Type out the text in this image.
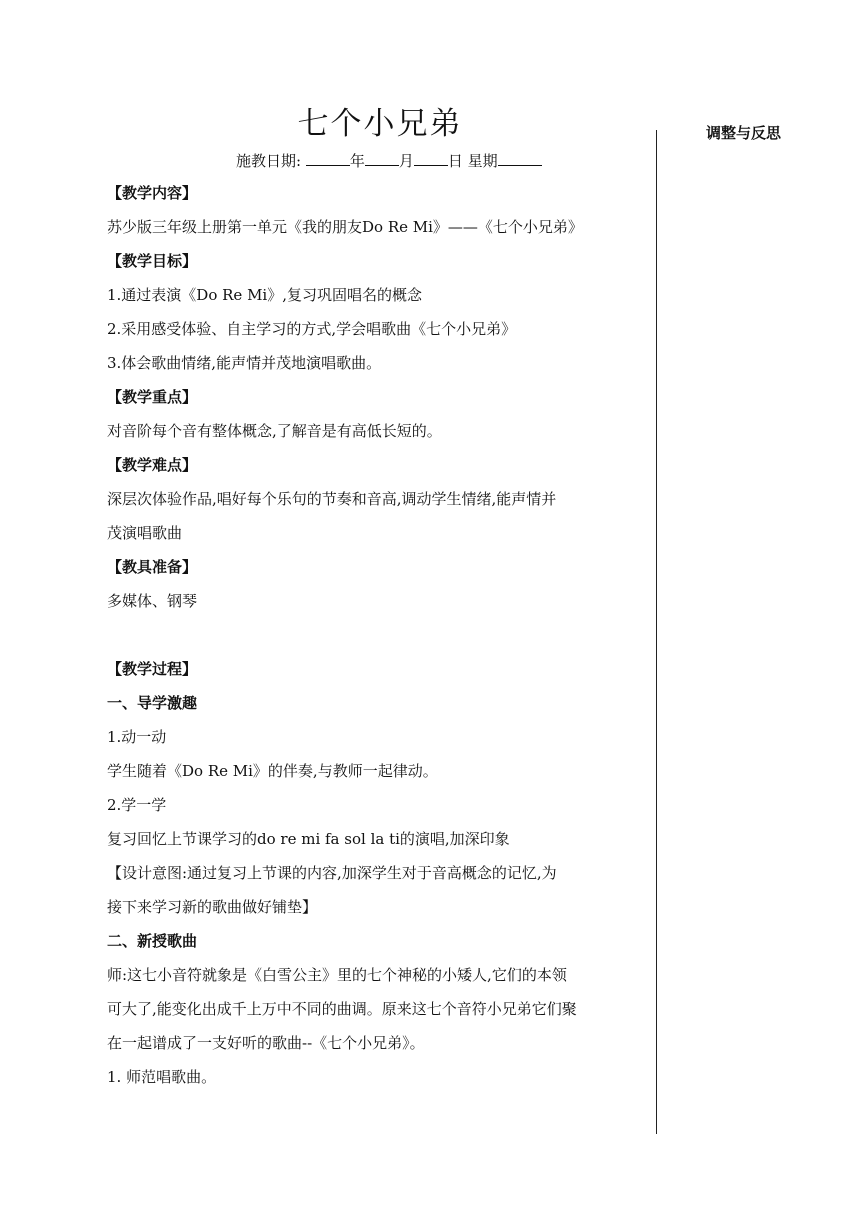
七个小兄弟
施教日期:	年 月 日 星期
调整与反思
【教学内容】
苏少版三年级上册第一单元《我的朋友Do Re Mi》——《七个小兄弟》
【教学目标】
1.通过表演《Do Re Mi》,复习巩固唱名的概念
2.采用感受体验、自主学习的方式,学会唱歌曲《七个小兄弟》
3.体会歌曲情绪,能声情并茂地演唱歌曲。
【教学重点】
对音阶每个音有整体概念,了解音是有高低长短的。
【教学难点】
深层次体验作品,唱好每个乐句的节奏和音高,调动学生情绪,能声情并
茂演唱歌曲
【教具准备】
多媒体、钢琴
【教学过程】
一、导学激趣
1.动一动
学生随着《Do Re Mi》的伴奏,与教师一起律动。
2.学一学
复习回忆上节课学习的do re mi fa sol la ti的演唱,加深印象
【设计意图:通过复习上节课的内容,加深学生对于音高概念的记忆,为
接下来学习新的歌曲做好铺垫】
二、新授歌曲
师:这七小音符就象是《白雪公主》里的七个神秘的小矮人,它们的本领
可大了,能变化出成千上万中不同的曲调。原来这七个音符小兄弟它们聚
在一起谱成了一支好听的歌曲--《七个小兄弟》。
1. 师范唱歌曲。
